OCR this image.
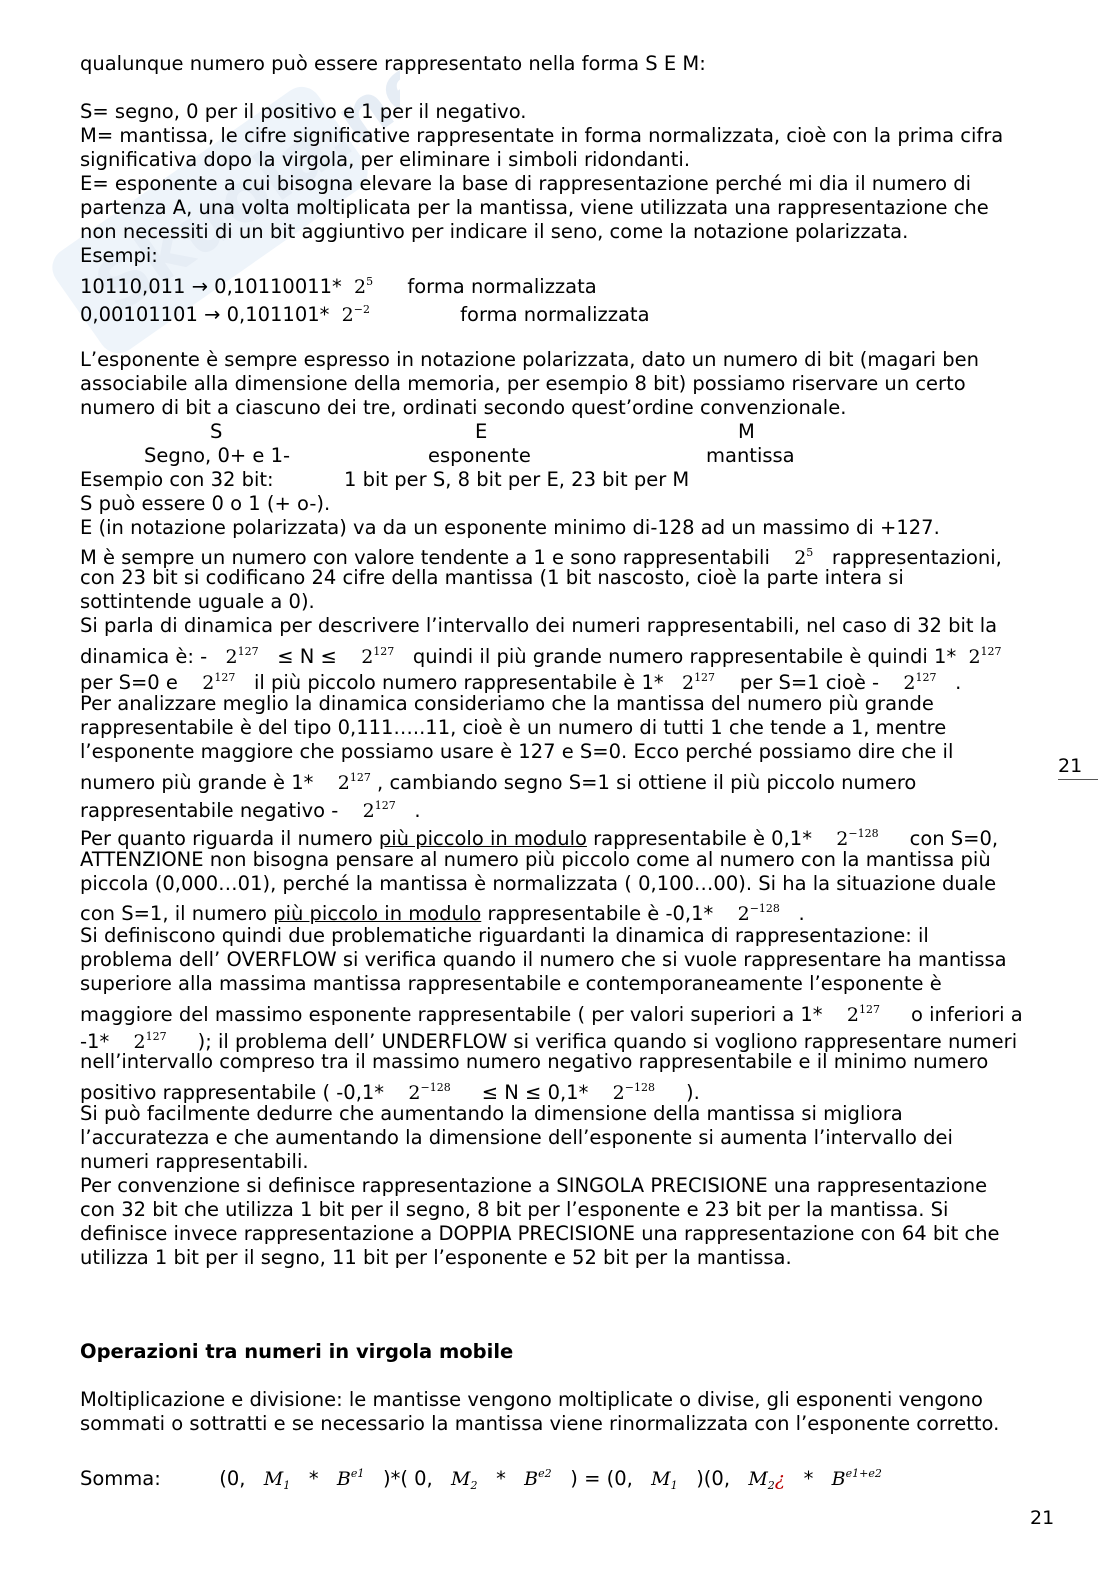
Skuola.net
qualunque numero può essere rappresentato nella forma S E M:
S= segno, 0 per il positivo e 1 per il negativo.
M= mantissa, le cifre significative rappresentate in forma normalizzata, cioè con la prima cifra
significativa dopo la virgola, per eliminare i simboli ridondanti.
E= esponente a cui bisogna elevare la base di rappresentazione perché mi dia il numero di
partenza A, una volta moltiplicata per la mantissa, viene utilizzata una rappresentazione che
non necessiti di un bit aggiuntivo per indicare il seno, come la notazione polarizzata.
Esempi:
10110,011 → 0,10110011* $2^5$ forma normalizzata
0,00101101 → 0,101101* $2^{-2}$	forma normalizzata
L’esponente è sempre espresso in notazione polarizzata, dato un numero di bit (magari ben
associabile alla dimensione della memoria, per esempio 8 bit) possiamo riservare un certo
numero di bit a ciascuno dei tre, ordinati secondo quest’ordine convenzionale.
S	E	M
Segno, 0+ e 1-	esponente	mantissa
Esempio con 32 bit:	1 bit per S, 8 bit per E, 23 bit per M
S può essere 0 o 1 (+ o-).
E (in notazione polarizzata) va da un esponente minimo di-128 ad un massimo di +127.
M è sempre un numero con valore tendente a 1 e sono rappresentabili $2^5$ rappresentazioni,
con 23 bit si codificano 24 cifre della mantissa (1 bit nascosto, cioè la parte intera si
sottintende uguale a 0).
Si parla di dinamica per descrivere l’intervallo dei numeri rappresentabili, nel caso di 32 bit la
dinamica è: - $2^{127} \le N \le 2^{127}$ quindi il più grande numero rappresentabile è quindi 1* $2^{127}$
per S=0 e $2^{127}$ il più piccolo numero rappresentabile è 1* $2^{127}$ per S=1 cioè - $2^{127}$ .
Per analizzare meglio la dinamica consideriamo che la mantissa del numero più grande
rappresentabile è del tipo 0,111…..11, cioè è un numero di tutti 1 che tende a 1, mentre
l’esponente maggiore che possiamo usare è 127 e S=0. Ecco perché possiamo dire che il
numero più grande è 1* $2^{127}$ , cambiando segno S=1 si ottiene il più piccolo numero
rappresentabile negativo - $2^{127}$ .
Per quanto riguarda il numero più piccolo in modulo rappresentabile è 0,1* $2^{-128}$ con S=0,
ATTENZIONE non bisogna pensare al numero più piccolo come al numero con la mantissa più
piccola (0,000…01), perché la mantissa è normalizzata ( 0,100…00). Si ha la situazione duale
con S=1, il numero più piccolo in modulo rappresentabile è -0,1* $2^{-128}$ .
Si definiscono quindi due problematiche riguardanti la dinamica di rappresentazione: il
problema dell’ OVERFLOW si verifica quando il numero che si vuole rappresentare ha mantissa
superiore alla massima mantissa rappresentabile e contemporaneamente l’esponente è
maggiore del massimo esponente rappresentabile ( per valori superiori a 1* $2^{127}$ o inferiori a
-1* $2^{127}$ ); il problema dell’ UNDERFLOW si verifica quando si vogliono rappresentare numeri
nell’intervallo compreso tra il massimo numero negativo rappresentabile e il minimo numero
positivo rappresentabile ( -0,1* $2^{-128} \le N \le 0,1*$ $2^{-128}$ ).
Si può facilmente dedurre che aumentando la dimensione della mantissa si migliora
l’accuratezza e che aumentando la dimensione dell’esponente si aumenta l’intervallo dei
numeri rappresentabili.
Per convenzione si definisce rappresentazione a SINGOLA PRECISIONE una rappresentazione
con 32 bit che utilizza 1 bit per il segno, 8 bit per l’esponente e 23 bit per la mantissa. Si
definisce invece rappresentazione a DOPPIA PRECISIONE una rappresentazione con 64 bit che
utilizza 1 bit per il segno, 11 bit per l’esponente e 52 bit per la mantissa.
Operazioni tra numeri in virgola mobile
Moltiplicazione e divisione: le mantisse vengono moltiplicate o divise, gli esponenti vengono
sommati o sottratti e se necessario la mantissa viene rinormalizzata con l’esponente corretto.
Somma:	(0, $M_1 * B^{e1}$ )*( 0, $M_2 * B^{e2}$ ) = (0, $M_1$ )(0, $M_2¿ * B^{e1+e2}$
21
21
